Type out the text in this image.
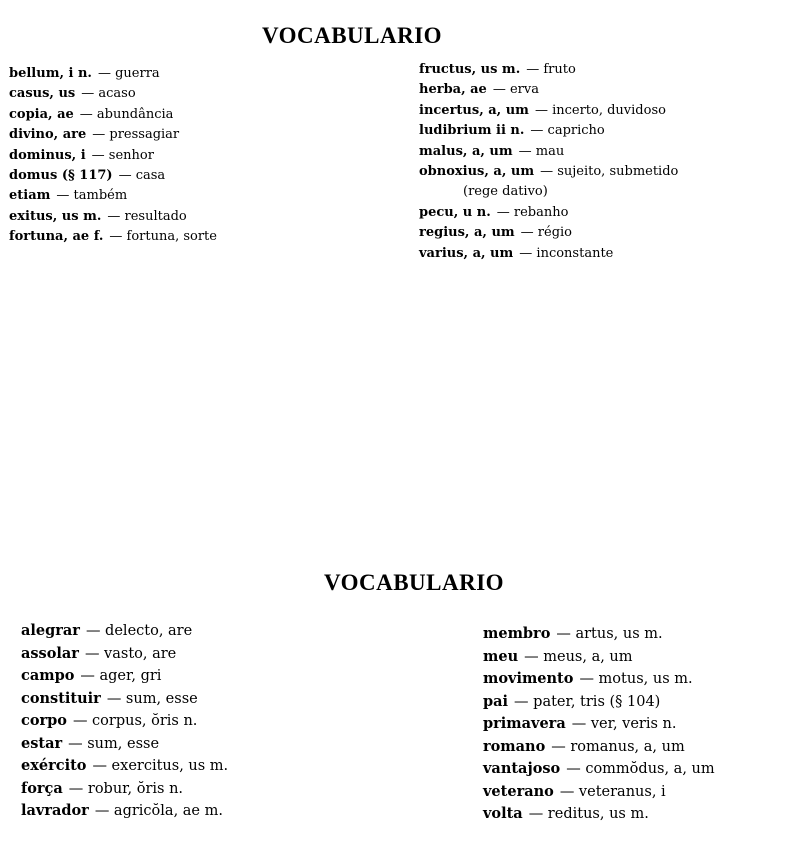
VOCABULARIO
bellum, i n. — guerra
casus, us — acaso
copia, ae — abundância
divino, are — pressagiar
dominus, i — senhor
domus (§ 117) — casa
etiam — também
exitus, us m. — resultado
fortuna, ae f. — fortuna, sorte
fructus, us m. — fruto
herba, ae — erva
incertus, a, um — incerto, duvidoso
ludibrium ii n. — capricho
malus, a, um — mau
obnoxius, a, um — sujeito, submetido
(rege dativo)
pecu, u n. — rebanho
regius, a, um — régio
varius, a, um — inconstante
VOCABULARIO
alegrar — delecto, are
assolar — vasto, are
campo — ager, gri
constituir — sum, esse
corpo — corpus, ŏris n.
estar — sum, esse
exército — exercitus, us m.
força — robur, ŏris n.
lavrador — agricŏla, ae m.
membro — artus, us m.
meu — meus, a, um
movimento — motus, us m.
pai — pater, tris (§ 104)
primavera — ver, veris n.
romano — romanus, a, um
vantajoso — commŏdus, a, um
veterano — veteranus, i
volta — reditus, us m.
